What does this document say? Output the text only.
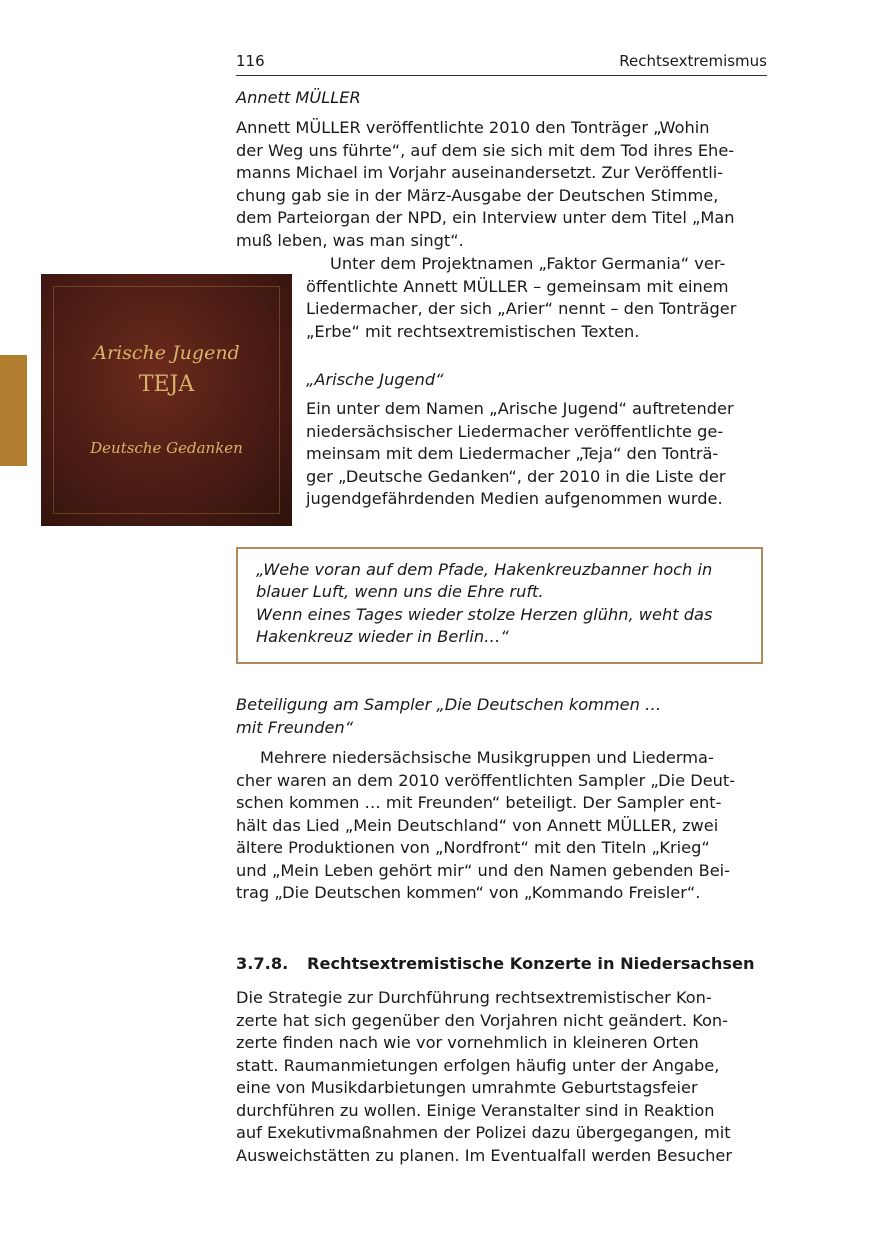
116	Rechtsextremismus
Annett MÜLLER

Annett MÜLLER veröffentlichte 2010 den Tonträger „Wohin

der Weg uns führte“, auf dem sie sich mit dem Tod ihres Ehe-

manns Michael im Vorjahr auseinandersetzt. Zur Veröffentli-

chung gab sie in der März-Ausgabe der Deutschen Stimme,

dem Parteiorgan der NPD, ein Interview unter dem Titel „Man

muß leben, was man singt“.

Unter dem Projektnamen „Faktor Germania“ ver-

öffentlichte Annett MÜLLER – gemeinsam mit einem

Liedermacher, der sich „Arier“ nennt – den Tonträger

„Erbe“ mit rechtsextremistischen Texten.

Arische Jugend
TEJA
Deutsche Gedanken
„Arische Jugend“

Ein unter dem Namen „Arische Jugend“ auftretender

niedersächsischer Liedermacher veröffentlichte ge-

meinsam mit dem Liedermacher „Teja“ den Tonträ-

ger „Deutsche Gedanken“, der 2010 in die Liste der

jugendgefährdenden Medien aufgenommen wurde.

„Wehe voran auf dem Pfade, Hakenkreuzbanner hoch in

blauer Luft, wenn uns die Ehre ruft.

Wenn eines Tages wieder stolze Herzen glühn, weht das

Hakenkreuz wieder in Berlin…“

Beteiligung am Sampler „Die Deutschen kommen …
mit Freunden“

Mehrere niedersächsische Musikgruppen und Liederma-

cher waren an dem 2010 veröffentlichten Sampler „Die Deut-

schen kommen … mit Freunden“ beteiligt. Der Sampler ent-

hält das Lied „Mein Deutschland“ von Annett MÜLLER, zwei

ältere Produktionen von „Nordfront“ mit den Titeln „Krieg“

und „Mein Leben gehört mir“ und den Namen gebenden Bei-

trag „Die Deutschen kommen“ von „Kommando Freisler“.

3.7.8. Rechtsextremistische Konzerte in Niedersachsen

Die Strategie zur Durchführung rechtsextremistischer Kon-

zerte hat sich gegenüber den Vorjahren nicht geändert. Kon-

zerte finden nach wie vor vornehmlich in kleineren Orten

statt. Raumanmietungen erfolgen häufig unter der Angabe,

eine von Musikdarbietungen umrahmte Geburtstagsfeier

durchführen zu wollen. Einige Veranstalter sind in Reaktion

auf Exekutivmaßnahmen der Polizei dazu übergegangen, mit

Ausweichstätten zu planen. Im Eventualfall werden Besucher
